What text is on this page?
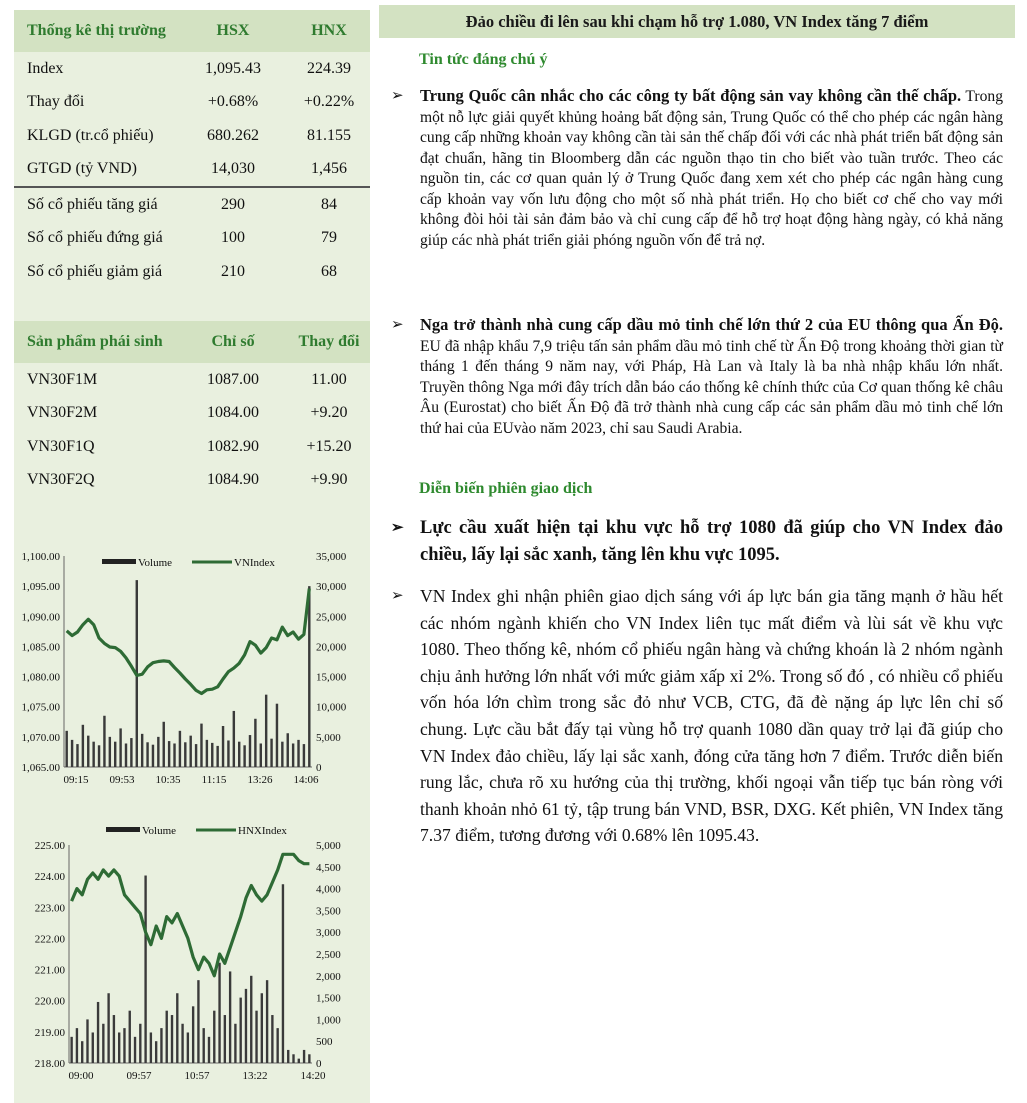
Thống kê thị trường	HSX	HNX
Index	1,095.43	224.39
Thay đổi	+0.68%	+0.22%
KLGD (tr.cổ phiếu)	680.262	81.155
GTGD (tỷ VND)	14,030	1,456
Số cổ phiếu tăng giá	290	84
Số cổ phiếu đứng giá	100	79
Số cổ phiếu giảm giá	210	68
Sản phẩm phái sinh	Chỉ số	Thay đổi
VN30F1M	1087.00	11.00
VN30F2M	1084.00	+9.20
VN30F1Q	1082.90	+15.20
VN30F2Q	1084.90	+9.90
1,100.00
1,095.00
1,090.00
1,085.00
1,080.00
1,075.00
1,070.00
1,065.00
35,000
30,000
25,000
20,000
15,000
10,000
5,000
0
09:15 09:53 10:35 11:15 13:26 14:06
Volume	VNIndex
225.00
224.00
223.00
222.00
221.00
220.00
219.00
218.00
5,000
4,500
4,000
3,500
3,000
2,500
2,000
1,500
1,000
500
0
09:00	09:57	10:57	13:22	14:20
Volume	HNXIndex
Đảo chiều đi lên sau khi chạm hỗ trợ 1.080, VN Index tăng 7 điểm
Tin tức đáng chú ý
➢ Trung Quốc cân nhắc cho các công ty bất động sản vay không cần thế chấp. Trong một nỗ lực giải quyết khủng hoảng bất động sản, Trung Quốc có thể cho phép các ngân hàng cung cấp những khoản vay không cần tài sản thế chấp đối với các nhà phát triển bất động sản đạt chuẩn, hãng tin Bloomberg dẫn các nguồn thạo tin cho biết vào tuần trước. Theo các nguồn tin, các cơ quan quản lý ở Trung Quốc đang xem xét cho phép các ngân hàng cung cấp khoản vay vốn lưu động cho một số nhà phát triển. Họ cho biết cơ chế cho vay mới không đòi hỏi tài sản đảm bảo và chỉ cung cấp để hỗ trợ hoạt động hàng ngày, có khả năng giúp các nhà phát triển giải phóng nguồn vốn để trả nợ.
➢ Nga trở thành nhà cung cấp dầu mỏ tinh chế lớn thứ 2 của EU thông qua Ấn Độ. EU đã nhập khẩu 7,9 triệu tấn sản phẩm dầu mỏ tinh chế từ Ấn Độ trong khoảng thời gian từ tháng 1 đến tháng 9 năm nay, với Pháp, Hà Lan và Italy là ba nhà nhập khẩu lớn nhất. Truyền thông Nga mới đây trích dẫn báo cáo thống kê chính thức của Cơ quan thống kê châu Âu (Eurostat) cho biết Ấn Độ đã trở thành nhà cung cấp các sản phẩm dầu mỏ tinh chế lớn thứ hai của EUvào năm 2023, chỉ sau Saudi Arabia.
Diễn biến phiên giao dịch
➢ Lực cầu xuất hiện tại khu vực hỗ trợ 1080 đã giúp cho VN Index đảo chiều, lấy lại sắc xanh, tăng lên khu vực 1095.
➢ VN Index ghi nhận phiên giao dịch sáng với áp lực bán gia tăng mạnh ở hầu hết các nhóm ngành khiến cho VN Index liên tục mất điểm và lùi sát về khu vực 1080. Theo thống kê, nhóm cổ phiếu ngân hàng và chứng khoán là 2 nhóm ngành chịu ảnh hưởng lớn nhất với mức giảm xấp xỉ 2%. Trong số đó , có nhiều cổ phiếu vốn hóa lớn chìm trong sắc đỏ như VCB, CTG, đã đè nặng áp lực lên chỉ số chung. Lực cầu bắt đấy tại vùng hỗ trợ quanh 1080 dần quay trở lại đã giúp cho VN Index đảo chiều, lấy lại sắc xanh, đóng cửa tăng hơn 7 điểm. Trước diễn biến rung lắc, chưa rõ xu hướng của thị trường, khối ngoại vẫn tiếp tục bán ròng với thanh khoản nhỏ 61 tỷ, tập trung bán VND, BSR, DXG. Kết phiên, VN Index tăng 7.37 điểm, tương đương với 0.68% lên 1095.43.
